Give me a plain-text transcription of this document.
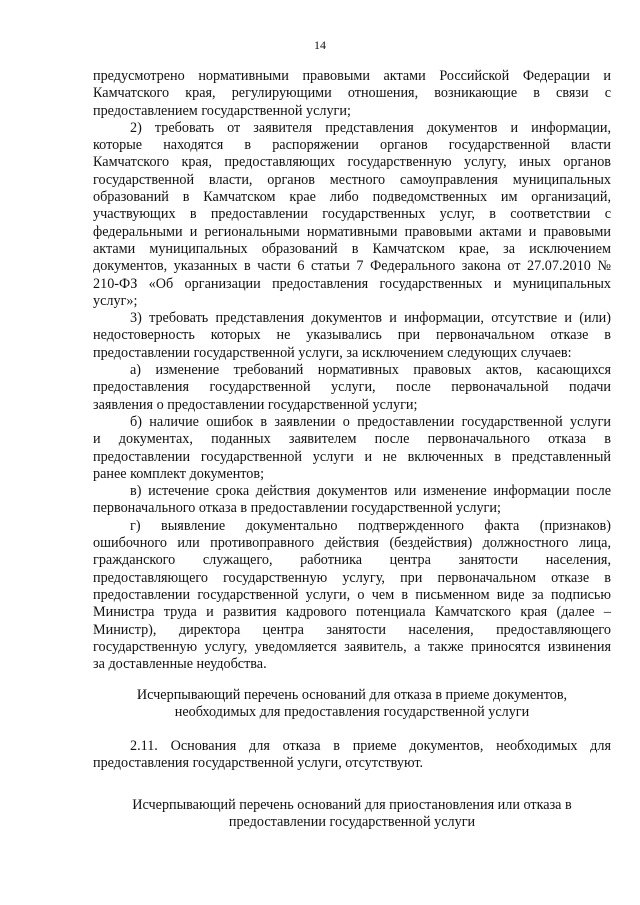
14
предусмотрено нормативными правовыми актами Российской Федерации и
Камчатского края, регулирующими отношения, возникающие в связи с
предоставлением государственной услуги;
2) требовать от заявителя представления документов и информации,
которые находятся в распоряжении органов государственной власти
Камчатского края, предоставляющих государственную услугу, иных органов
государственной власти, органов местного самоуправления муниципальных
образований в Камчатском крае либо подведомственных им организаций,
участвующих в предоставлении государственных услуг, в соответствии с
федеральными и региональными нормативными правовыми актами и правовыми
актами муниципальных образований в Камчатском крае, за исключением
документов, указанных в части 6 статьи 7 Федерального закона от 27.07.2010 №
210-ФЗ «Об организации предоставления государственных и муниципальных
услуг»;
3) требовать представления документов и информации, отсутствие и (или)
недостоверность которых не указывались при первоначальном отказе в
предоставлении государственной услуги, за исключением следующих случаев:
а) изменение требований нормативных правовых актов, касающихся
предоставления государственной услуги, после первоначальной подачи
заявления о предоставлении государственной услуги;
б) наличие ошибок в заявлении о предоставлении государственной услуги
и документах, поданных заявителем после первоначального отказа в
предоставлении государственной услуги и не включенных в представленный
ранее комплект документов;
в) истечение срока действия документов или изменение информации после
первоначального отказа в предоставлении государственной услуги;
г) выявление документально подтвержденного факта (признаков)
ошибочного или противоправного действия (бездействия) должностного лица,
гражданского служащего, работника центра занятости населения,
предоставляющего государственную услугу, при первоначальном отказе в
предоставлении государственной услуги, о чем в письменном виде за подписью
Министра труда и развития кадрового потенциала Камчатского края (далее –
Министр), директора центра занятости населения, предоставляющего
государственную услугу, уведомляется заявитель, а также приносятся извинения
за доставленные неудобства.
Исчерпывающий перечень оснований для отказа в приеме документов,
необходимых для предоставления государственной услуги
2.11. Основания для отказа в приеме документов, необходимых для
предоставления государственной услуги, отсутствуют.
Исчерпывающий перечень оснований для приостановления или отказа в
предоставлении государственной услуги
